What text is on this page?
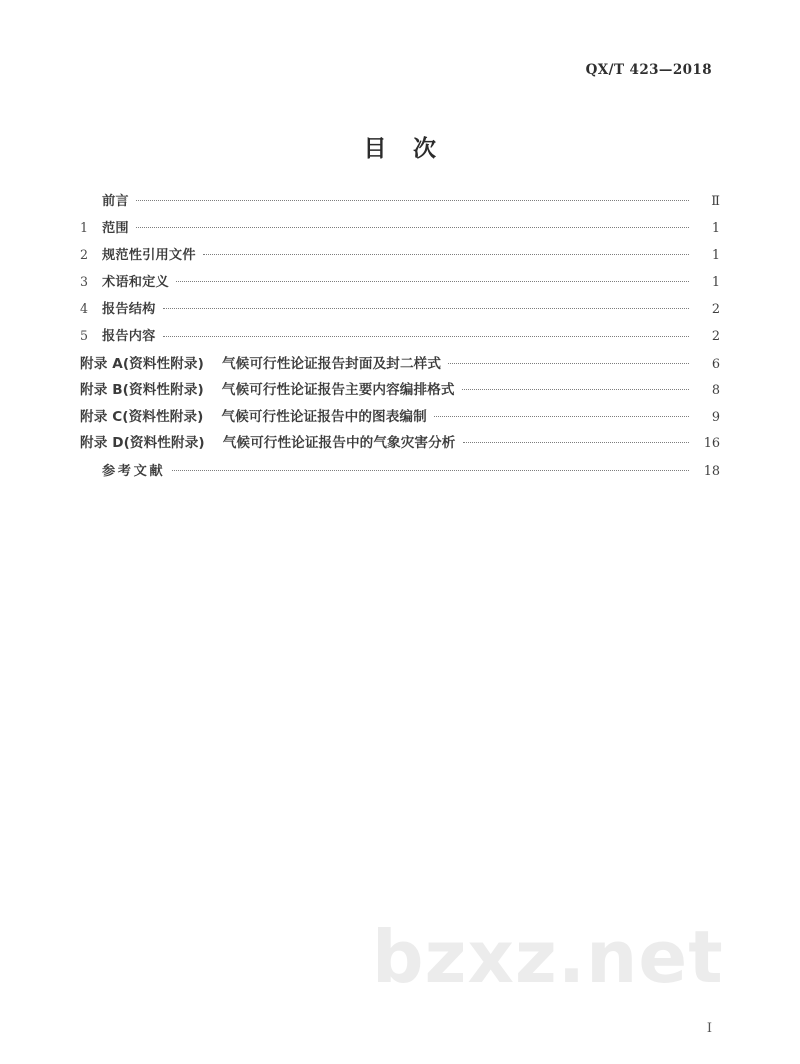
QX/T 423—2018
目 次
前言	Ⅱ
1	范围	1
2	规范性引用文件	1
3	术语和定义	1
4	报告结构	2
5	报告内容	2
附录 A(资料性附录) 气候可行性论证报告封面及封二样式	6
附录 B(资料性附录) 气候可行性论证报告主要内容编排格式	8
附录 C(资料性附录) 气候可行性论证报告中的图表编制	9
附录 D(资料性附录) 气候可行性论证报告中的气象灾害分析	16
参考文献	18
bzxz.net
Ⅰ
